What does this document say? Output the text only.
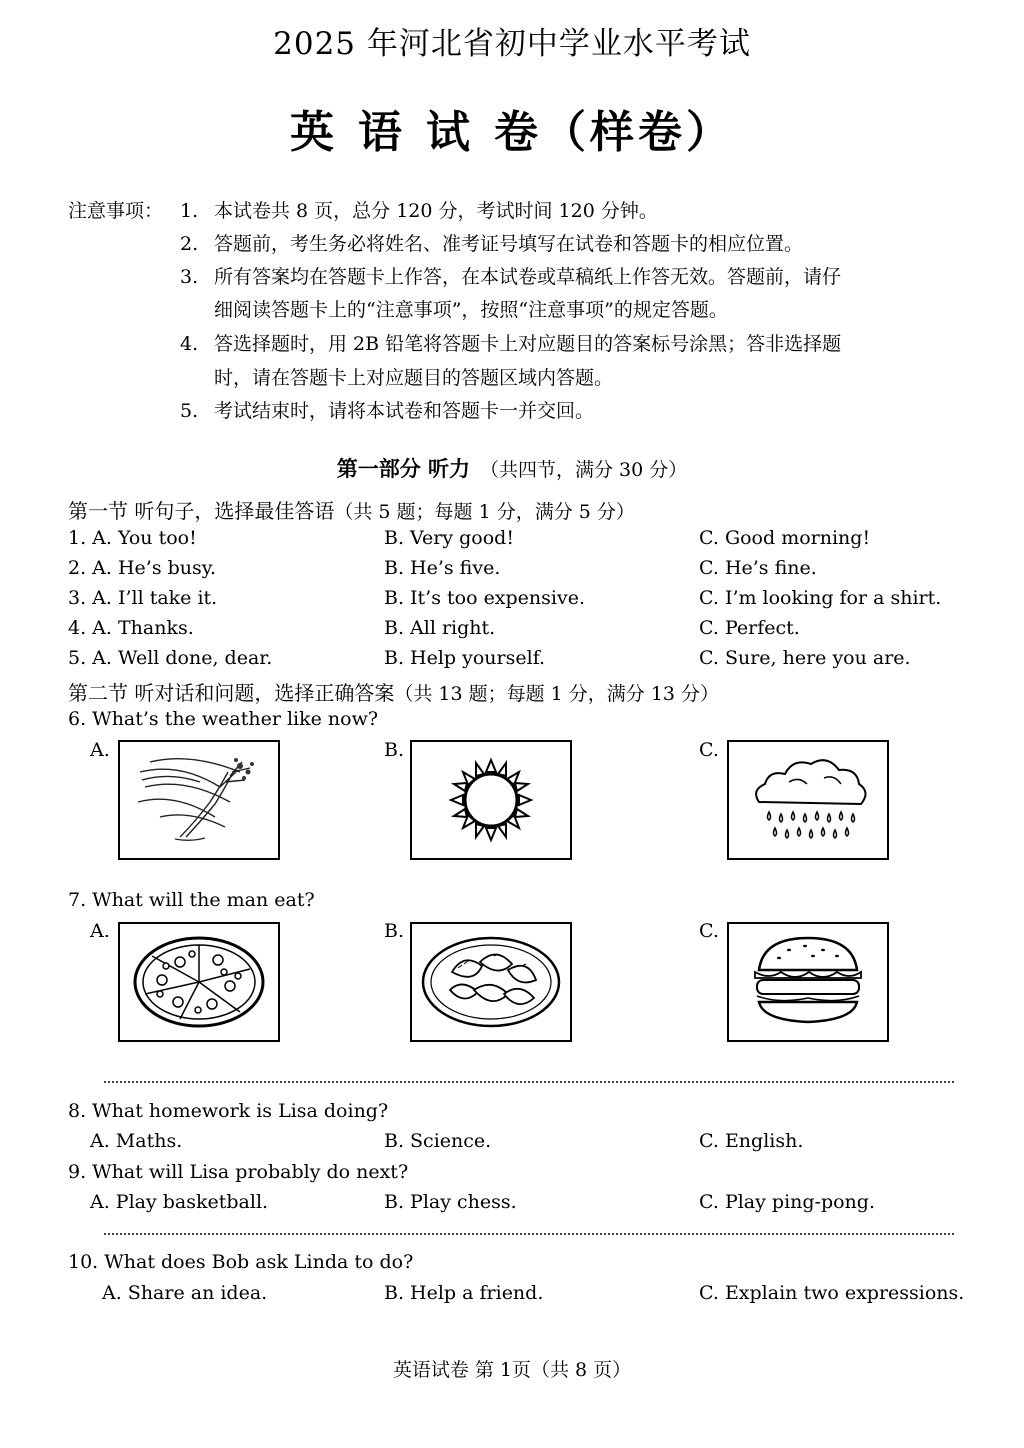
2025 年河北省初中学业水平考试
英 语 试 卷（样卷）
注意事项： 1. 本试卷共 8 页，总分 120 分，考试时间 120 分钟。
2. 答题前，考生务必将姓名、准考证号填写在试卷和答题卡的相应位置。
3. 所有答案均在答题卡上作答，在本试卷或草稿纸上作答无效。答题前，请仔
细阅读答题卡上的“注意事项”，按照“注意事项”的规定答题。
4. 答选择题时，用 2B 铅笔将答题卡上对应题目的答案标号涂黑；答非选择题
时，请在答题卡上对应题目的答题区域内答题。
5. 考试结束时，请将本试卷和答题卡一并交回。
第一部分 听力 （共四节，满分 30 分）
第一节 听句子，选择最佳答语（共 5 题；每题 1 分，满分 5 分）
1. A. You too!	B. Very good!	C. Good morning!
2. A. He’s busy.	B. He’s five.	C. He’s fine.
3. A. I’ll take it.	B. It’s too expensive.	C. I’m looking for a shirt.
4. A. Thanks.	B. All right.	C. Perfect.
5. A. Well done, dear.	B. Help yourself.	C. Sure, here you are.
第二节 听对话和问题，选择正确答案（共 13 题；每题 1 分，满分 13 分）
6. What’s the weather like now?
A.	B.	C.
7. What will the man eat?
A.	B.	C.
8. What homework is Lisa doing?
A. Maths.	B. Science.	C. English.
9. What will Lisa probably do next?
A. Play basketball.	B. Play chess.	C. Play ping-pong.
10. What does Bob ask Linda to do?
A. Share an idea.	B. Help a friend.	C. Explain two expressions.
英语试卷 第 1页（共 8 页）
